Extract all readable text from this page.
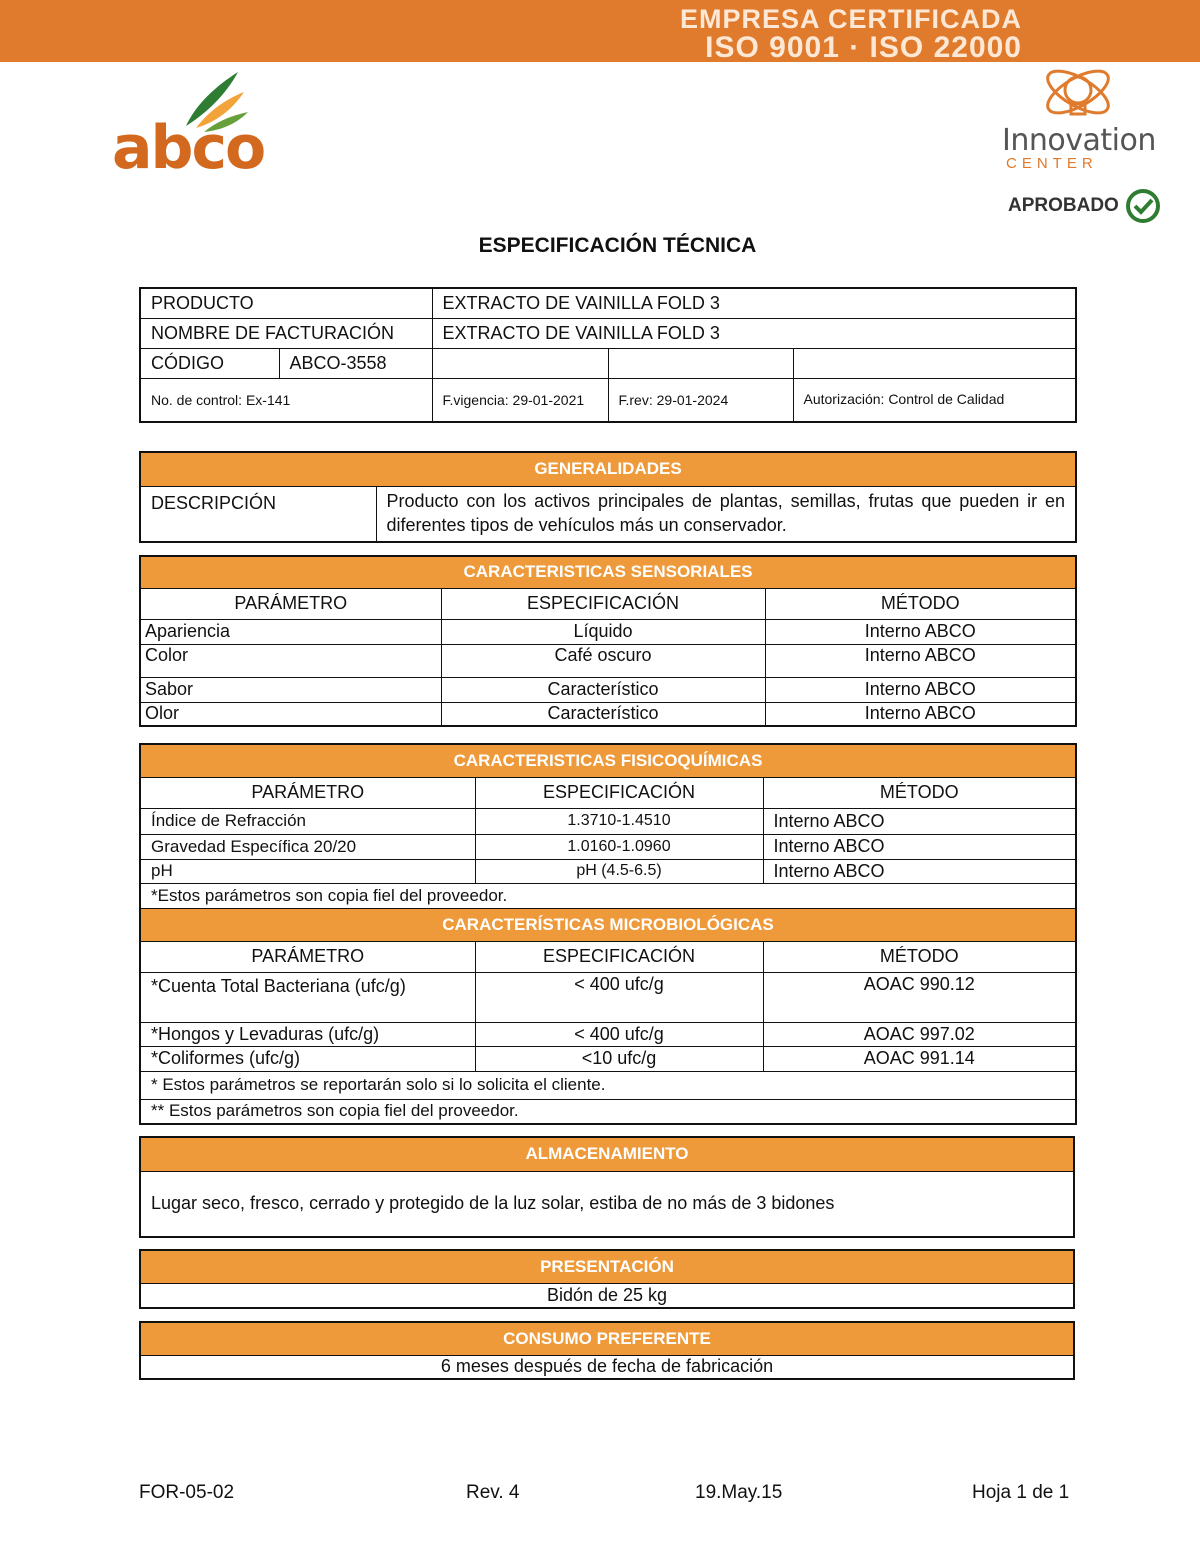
EMPRESA CERTIFICADA
ISO 9001 · ISO 22000
abco	Innovation
CENTER
APROBADO
ESPECIFICACIÓN TÉCNICA
PRODUCTO		EXTRACTO DE VAINILLA FOLD 3		
NOMBRE DE FACTURACIÓN		EXTRACTO DE VAINILLA FOLD 3		
CÓDIGO	ABCO-3558			
No. de control: Ex-141		F.vigencia: 29-01-2021	F.rev: 29-01-2024	Autorización: Control de Calidad
GENERALIDADES
DESCRIPCIÓN	Producto con los activos principales de plantas, semillas, frutas que pueden ir en diferentes tipos de vehículos más un conservador.
CARACTERISTICAS SENSORIALES		
PARÁMETRO	ESPECIFICACIÓN	MÉTODO
Apariencia	Líquido	Interno ABCO
Color	Café oscuro	Interno ABCO
Sabor	Característico	Interno ABCO
Olor	Característico	Interno ABCO
CARACTERISTICAS FISICOQUÍMICAS		
PARÁMETRO	ESPECIFICACIÓN	MÉTODO
Índice de Refracción	1.3710-1.4510	Interno ABCO
Gravedad Específica 20/20	1.0160-1.0960	Interno ABCO
pH	pH (4.5-6.5)	Interno ABCO
*Estos parámetros son copia fiel del proveedor.		
CARACTERÍSTICAS MICROBIOLÓGICAS		
PARÁMETRO	ESPECIFICACIÓN	MÉTODO
*Cuenta Total Bacteriana (ufc/g)	< 400 ufc/g	AOAC 990.12
*Hongos y Levaduras (ufc/g)	< 400 ufc/g	AOAC 997.02
*Coliformes (ufc/g)	<10 ufc/g	AOAC 991.14
* Estos parámetros se reportarán solo si lo solicita el cliente.		
** Estos parámetros son copia fiel del proveedor.		
ALMACENAMIENTO
Lugar seco, fresco, cerrado y protegido de la luz solar, estiba de no más de 3 bidones
PRESENTACIÓN
Bidón de 25 kg
CONSUMO PREFERENTE
6 meses después de fecha de fabricación
FOR-05-02	Rev. 4	19.May.15	Hoja 1 de 1
